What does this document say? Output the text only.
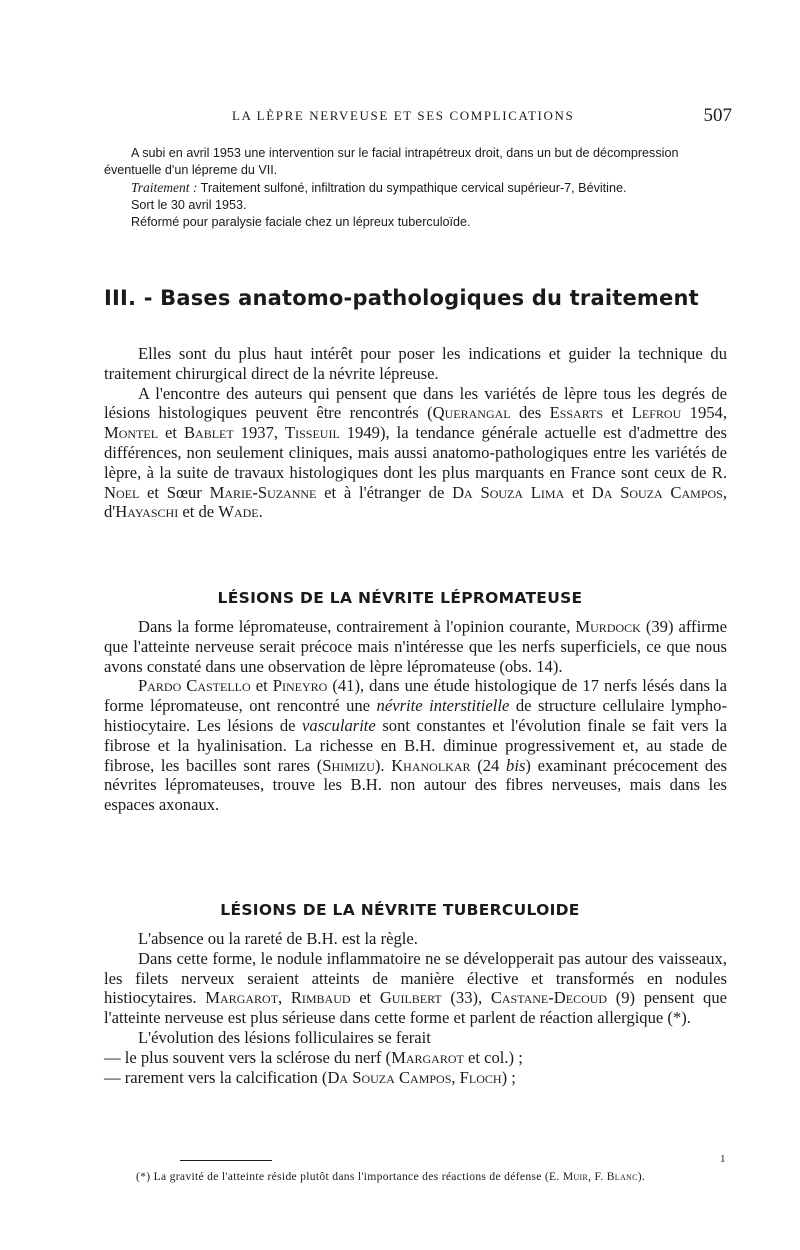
LA LÈPRE NERVEUSE ET SES COMPLICATIONS	507

A subi en avril 1953 une intervention sur le facial intrapétreux droit, dans un but de décompression éventuelle d'un lépreme du VII.

Traitement : Traitement sulfoné, infiltration du sympathique cervical supérieur-7, Bévitine.

Sort le 30 avril 1953.

Réformé pour paralysie faciale chez un lépreux tuberculoïde.

III. - Bases anatomo-pathologiques du traitement

Elles sont du plus haut intérêt pour poser les indications et guider la technique du traitement chirurgical direct de la névrite lépreuse.

A l'encontre des auteurs qui pensent que dans les variétés de lèpre tous les degrés de lésions histologiques peuvent être rencontrés (Querangal des Essarts et Lefrou 1954, Montel et Bablet 1937, Tisseuil 1949), la tendance générale actuelle est d'admettre des différences, non seulement cliniques, mais aussi anatomo-pathologiques entre les variétés de lèpre, à la suite de travaux histologiques dont les plus marquants en France sont ceux de R. Noel et Sœur Marie-Suzanne et à l'étranger de Da Souza Lima et Da Souza Campos, d'Hayaschi et de Wade.

LÉSIONS DE LA NÉVRITE LÉPROMATEUSE

Dans la forme lépromateuse, contrairement à l'opinion courante, Murdock (39) affirme que l'atteinte nerveuse serait précoce mais n'intéresse que les nerfs superficiels, ce que nous avons constaté dans une observation de lèpre lépromateuse (obs. 14).

Pardo Castello et Pineyro (41), dans une étude histologique de 17 nerfs lésés dans la forme lépromateuse, ont rencontré une névrite interstitielle de structure cellulaire lympho-histiocytaire. Les lésions de vascularite sont constantes et l'évolution finale se fait vers la fibrose et la hyalinisation. La richesse en B.H. diminue progressivement et, au stade de fibrose, les bacilles sont rares (Shimizu). Khanolkar (24 bis) examinant précocement des névrites lépromateuses, trouve les B.H. non autour des fibres nerveuses, mais dans les espaces axonaux.

LÉSIONS DE LA NÉVRITE TUBERCULOIDE

L'absence ou la rareté de B.H. est la règle.

Dans cette forme, le nodule inflammatoire ne se développerait pas autour des vaisseaux, les filets nerveux seraient atteints de manière élective et transformés en nodules histiocytaires. Margarot, Rimbaud et Guilbert (33), Castane-Decoud (9) pensent que l'atteinte nerveuse est plus sérieuse dans cette forme et parlent de réaction allergique (*).

L'évolution des lésions folliculaires se ferait

— le plus souvent vers la sclérose du nerf (Margarot et col.) ;

— rarement vers la calcification (Da Souza Campos, Floch) ;

1

(*) La gravité de l'atteinte réside plutôt dans l'importance des réactions de défense (E. Muir, F. Blanc).
